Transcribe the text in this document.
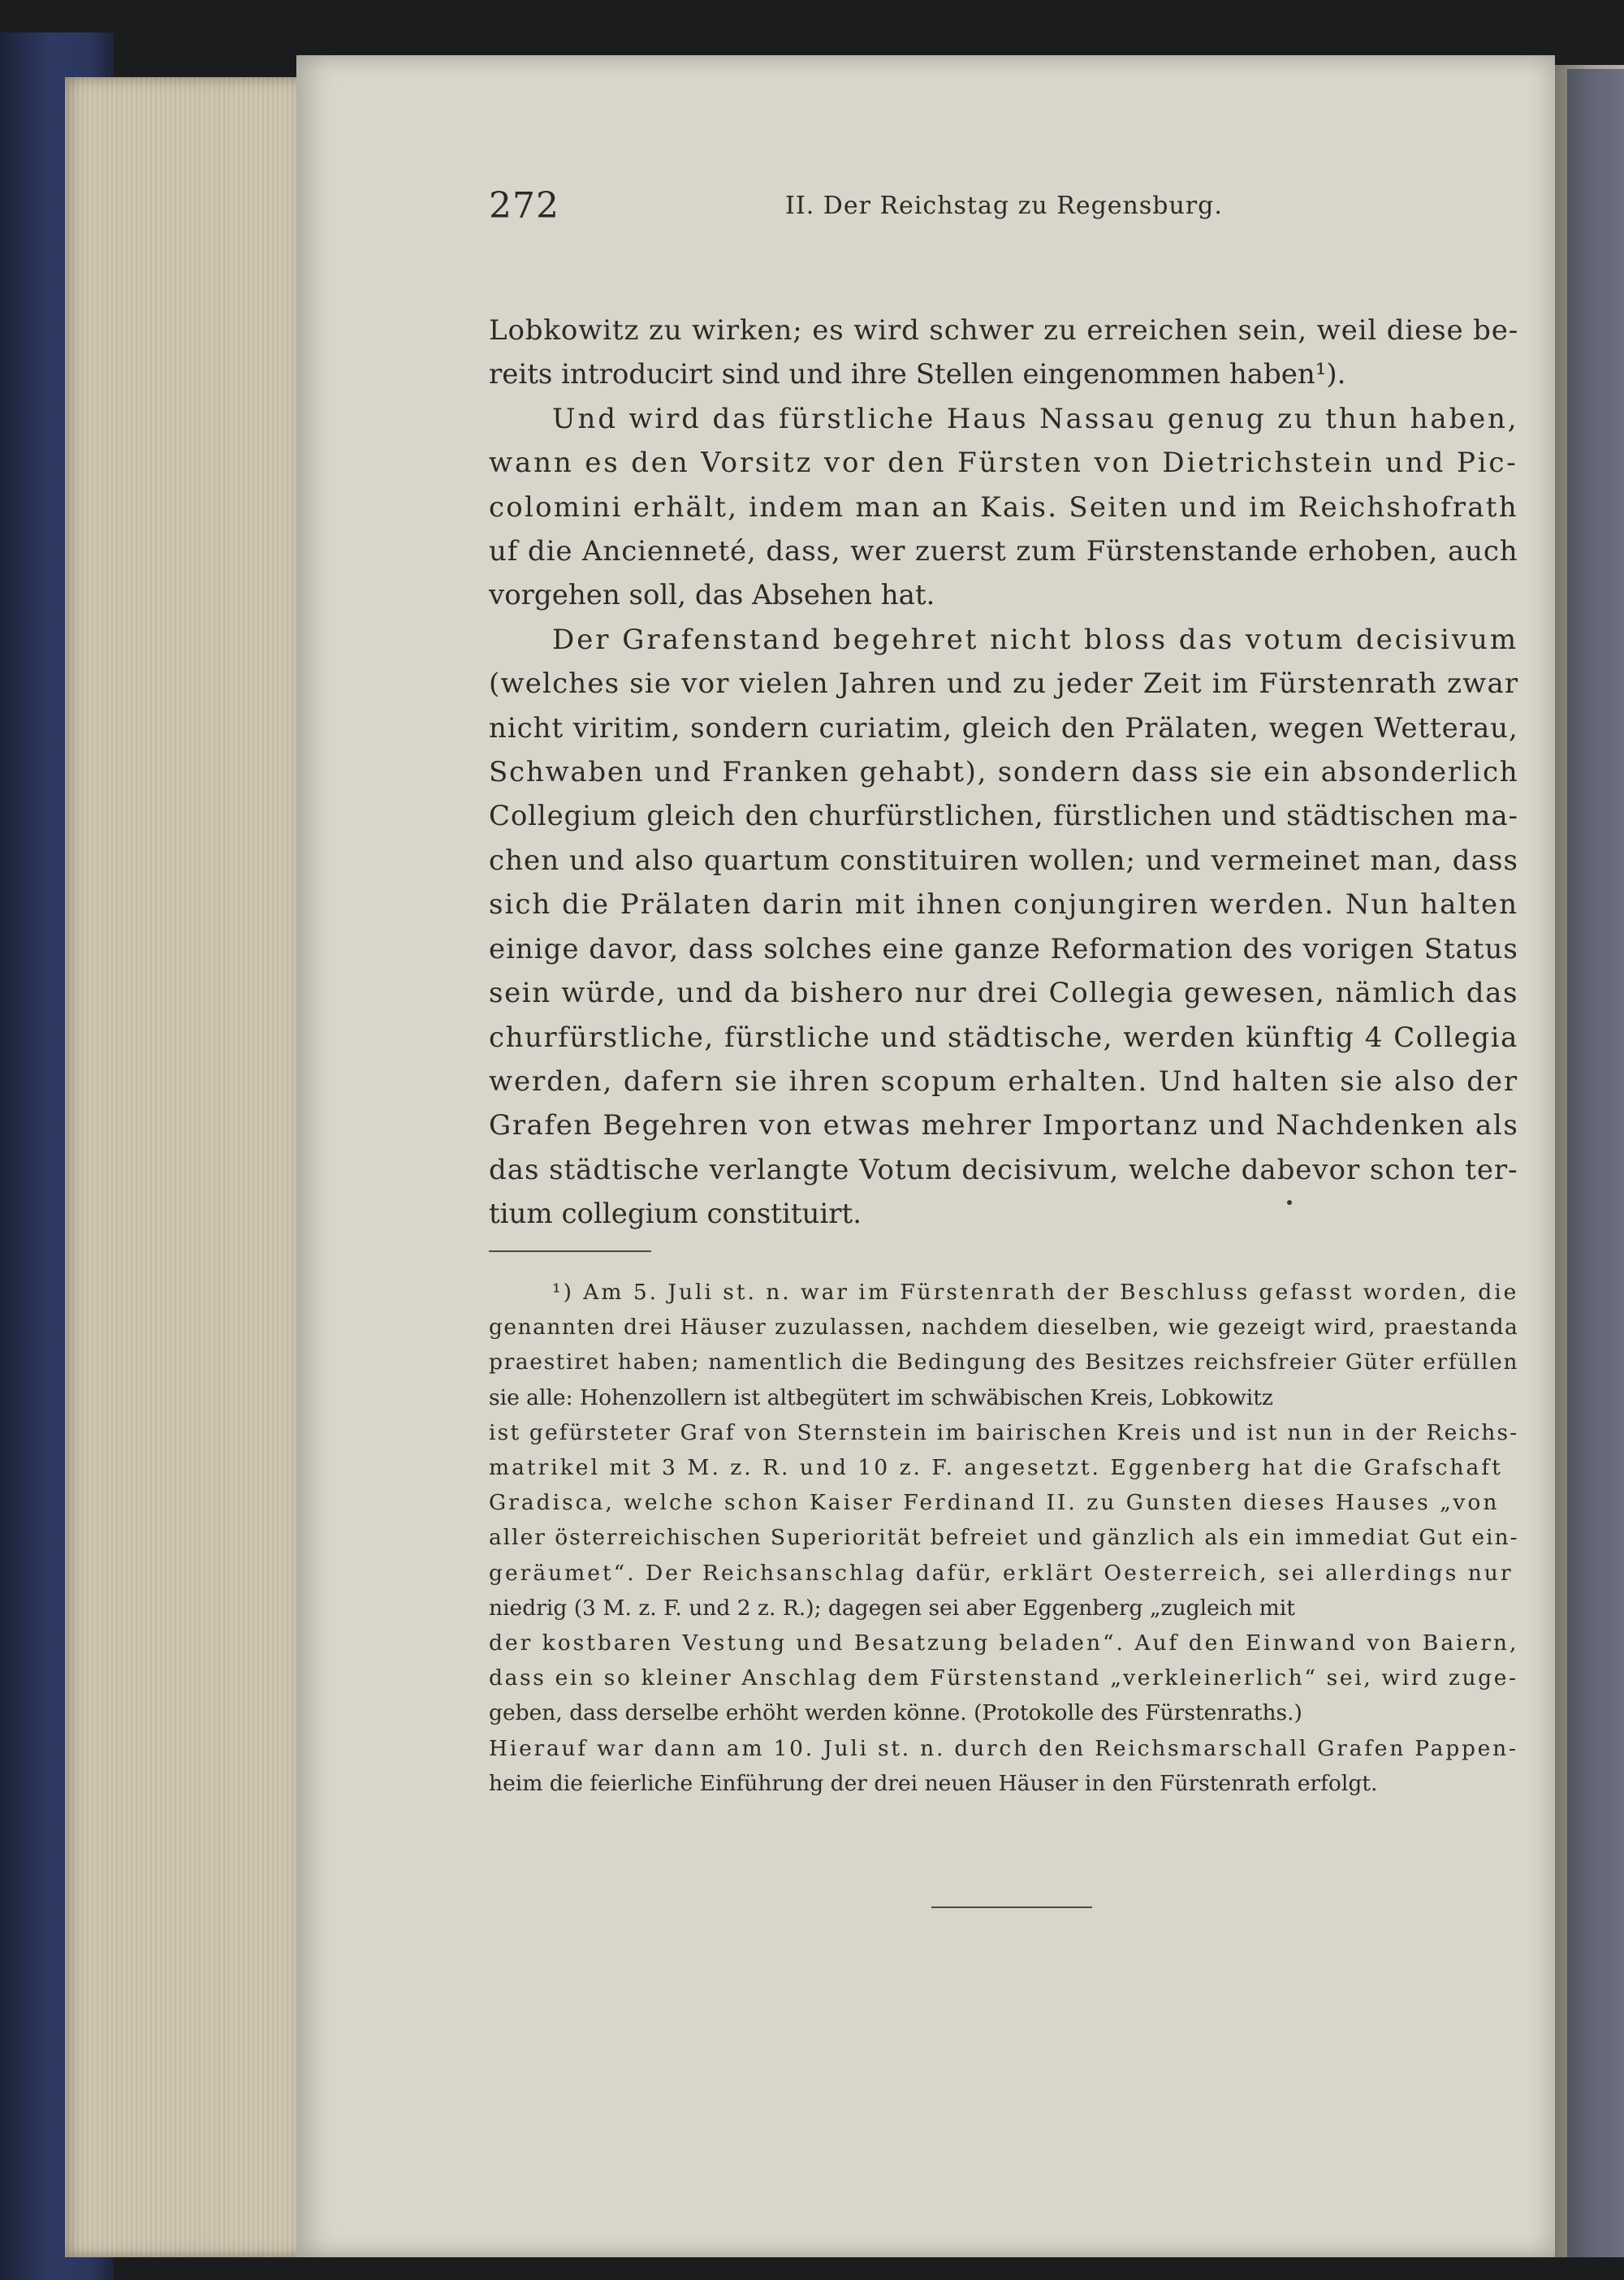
272	II. Der Reichstag zu Regensburg.

Lobkowitz zu wirken; es wird schwer zu erreichen sein, weil diese be-
reits introducirt sind und ihre Stellen eingenommen haben¹).

Und wird das fürstliche Haus Nassau genug zu thun haben,
wann es den Vorsitz vor den Fürsten von Dietrichstein und Pic-
colomini erhält, indem man an Kais. Seiten und im Reichshofrath
uf die Ancienneté, dass, wer zuerst zum Fürstenstande erhoben, auch
vorgehen soll, das Absehen hat.

Der Grafenstand begehret nicht bloss das votum decisivum
(welches sie vor vielen Jahren und zu jeder Zeit im Fürstenrath zwar
nicht viritim, sondern curiatim, gleich den Prälaten, wegen Wetterau,
Schwaben und Franken gehabt), sondern dass sie ein absonderlich
Collegium gleich den churfürstlichen, fürstlichen und städtischen ma-
chen und also quartum constituiren wollen; und vermeinet man, dass
sich die Prälaten darin mit ihnen conjungiren werden. Nun halten
einige davor, dass solches eine ganze Reformation des vorigen Status
sein würde, und da bishero nur drei Collegia gewesen, nämlich das
churfürstliche, fürstliche und städtische, werden künftig 4 Collegia
werden, dafern sie ihren scopum erhalten. Und halten sie also der
Grafen Begehren von etwas mehrer Importanz und Nachdenken als
das städtische verlangte Votum decisivum, welche dabevor schon ter-
tium collegium constituirt.

¹) Am 5. Juli st. n. war im Fürstenrath der Beschluss gefasst worden, die
genannten drei Häuser zuzulassen, nachdem dieselben, wie gezeigt wird, praestanda
praestiret haben; namentlich die Bedingung des Besitzes reichsfreier Güter erfüllen
sie alle: Hohenzollern ist altbegütert im schwäbischen Kreis, Lobkowitz
ist gefürsteter Graf von Sternstein im bairischen Kreis und ist nun in der Reichs-
matrikel mit 3 M. z. R. und 10 z. F. angesetzt. Eggenberg hat die Grafschaft
Gradisca, welche schon Kaiser Ferdinand II. zu Gunsten dieses Hauses „von
aller österreichischen Superiorität befreiet und gänzlich als ein immediat Gut ein-
geräumet“. Der Reichsanschlag dafür, erklärt Oesterreich, sei allerdings nur
niedrig (3 M. z. F. und 2 z. R.); dagegen sei aber Eggenberg „zugleich mit
der kostbaren Vestung und Besatzung beladen“. Auf den Einwand von Baiern,
dass ein so kleiner Anschlag dem Fürstenstand „verkleinerlich“ sei, wird zuge-
geben, dass derselbe erhöht werden könne. (Protokolle des Fürstenraths.)
Hierauf war dann am 10. Juli st. n. durch den Reichsmarschall Grafen Pappen-
heim die feierliche Einführung der drei neuen Häuser in den Fürstenrath erfolgt.
